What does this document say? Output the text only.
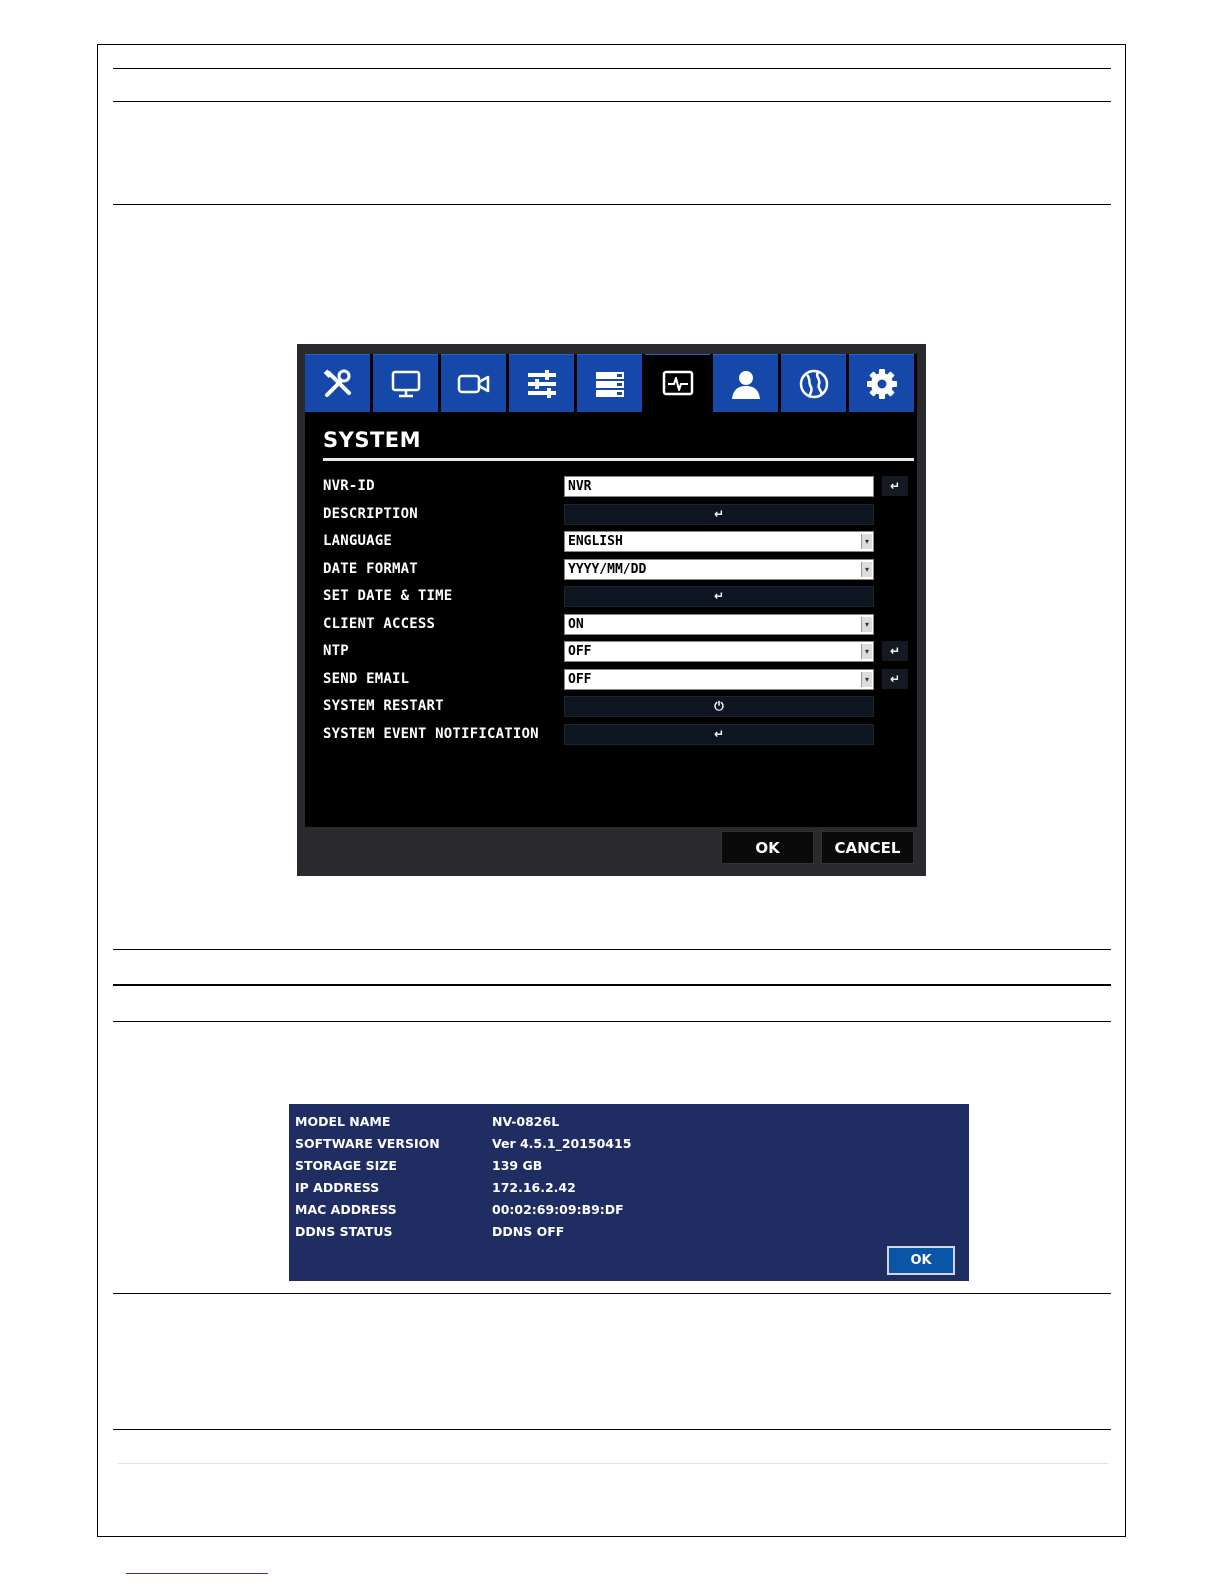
SYSTEM
NVR-ID	NVR	↵
DESCRIPTION	↵
LANGUAGE	ENGLISH	▾
DATE FORMAT	YYYY/MM/DD	▾
SET DATE & TIME	↵
CLIENT ACCESS	ON	▾
NTP	OFF	▾	↵
SEND EMAIL	OFF	▾	↵
SYSTEM RESTART	⏻
SYSTEM EVENT NOTIFICATION	↵
OK	CANCEL
MODEL NAME	NV-0826L
SOFTWARE VERSION	Ver 4.5.1_20150415
STORAGE SIZE	139 GB
IP ADDRESS	172.16.2.42
MAC ADDRESS	00:02:69:09:B9:DF
DDNS STATUS	DDNS OFF
OK
